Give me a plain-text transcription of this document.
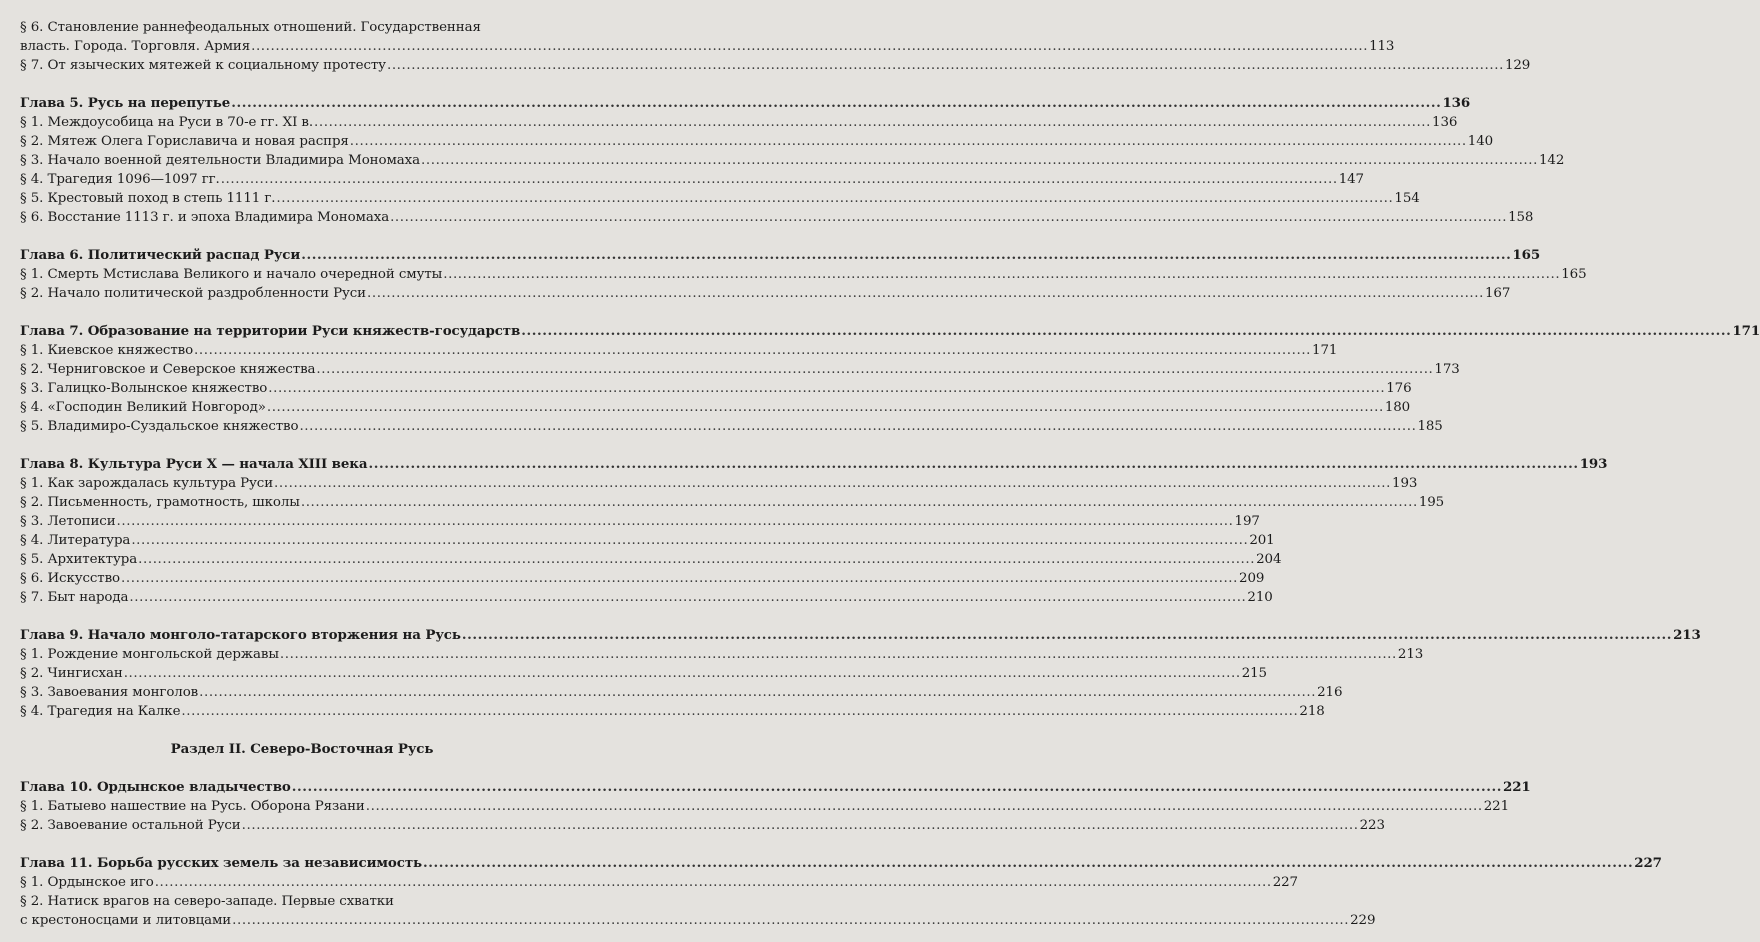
§ 6. Становление раннефеодальных отношений. Государственная
власть. Города. Торговля. Армия .....	113
§ 7. От языческих мятежей к социальному протесту .....	129
Глава 5. Русь на перепутье .....	136
§ 1. Междоусобица на Руси в 70-е гг. XI в. .....	136
§ 2. Мятеж Олега Гориславича и новая распря .....	140
§ 3. Начало военной деятельности Владимира Мономаха .....	142
§ 4. Трагедия 1096—1097 гг. .....	147
§ 5. Крестовый поход в степь 1111 г. .....	154
§ 6. Восстание 1113 г. и эпоха Владимира Мономаха .....	158
Глава 6. Политический распад Руси .....	165
§ 1. Смерть Мстислава Великого и начало очередной смуты .....	165
§ 2. Начало политической раздробленности Руси .....	167
Глава 7. Образование на территории Руси княжеств-государств .....	171
§ 1. Киевское княжество .....	171
§ 2. Черниговское и Северское княжества .....	173
§ 3. Галицко-Волынское княжество .....	176
§ 4. «Господин Великий Новгород» .....	180
§ 5. Владимиро-Суздальское княжество .....	185
Глава 8. Культура Руси X — начала XIII века .....	193
§ 1. Как зарождалась культура Руси .....	193
§ 2. Письменность, грамотность, школы .....	195
§ 3. Летописи .....	197
§ 4. Литература .....	201
§ 5. Архитектура .....	204
§ 6. Искусство .....	209
§ 7. Быт народа .....	210
Глава 9. Начало монголо-татарского вторжения на Русь .....	213
§ 1. Рождение монгольской державы .....	213
§ 2. Чингисхан .....	215
§ 3. Завоевания монголов .....	216
§ 4. Трагедия на Калке .....	218
Раздел II. Северо-Восточная Русь
Глава 10. Ордынское владычество .....	221
§ 1. Батыево нашествие на Русь. Оборона Рязани .....	221
§ 2. Завоевание остальной Руси .....	223
Глава 11. Борьба русских земель за независимость .....	227
§ 1. Ордынское иго .....	227
§ 2. Натиск врагов на северо-западе. Первые схватки
с крестоносцами и литовцами .....	229
